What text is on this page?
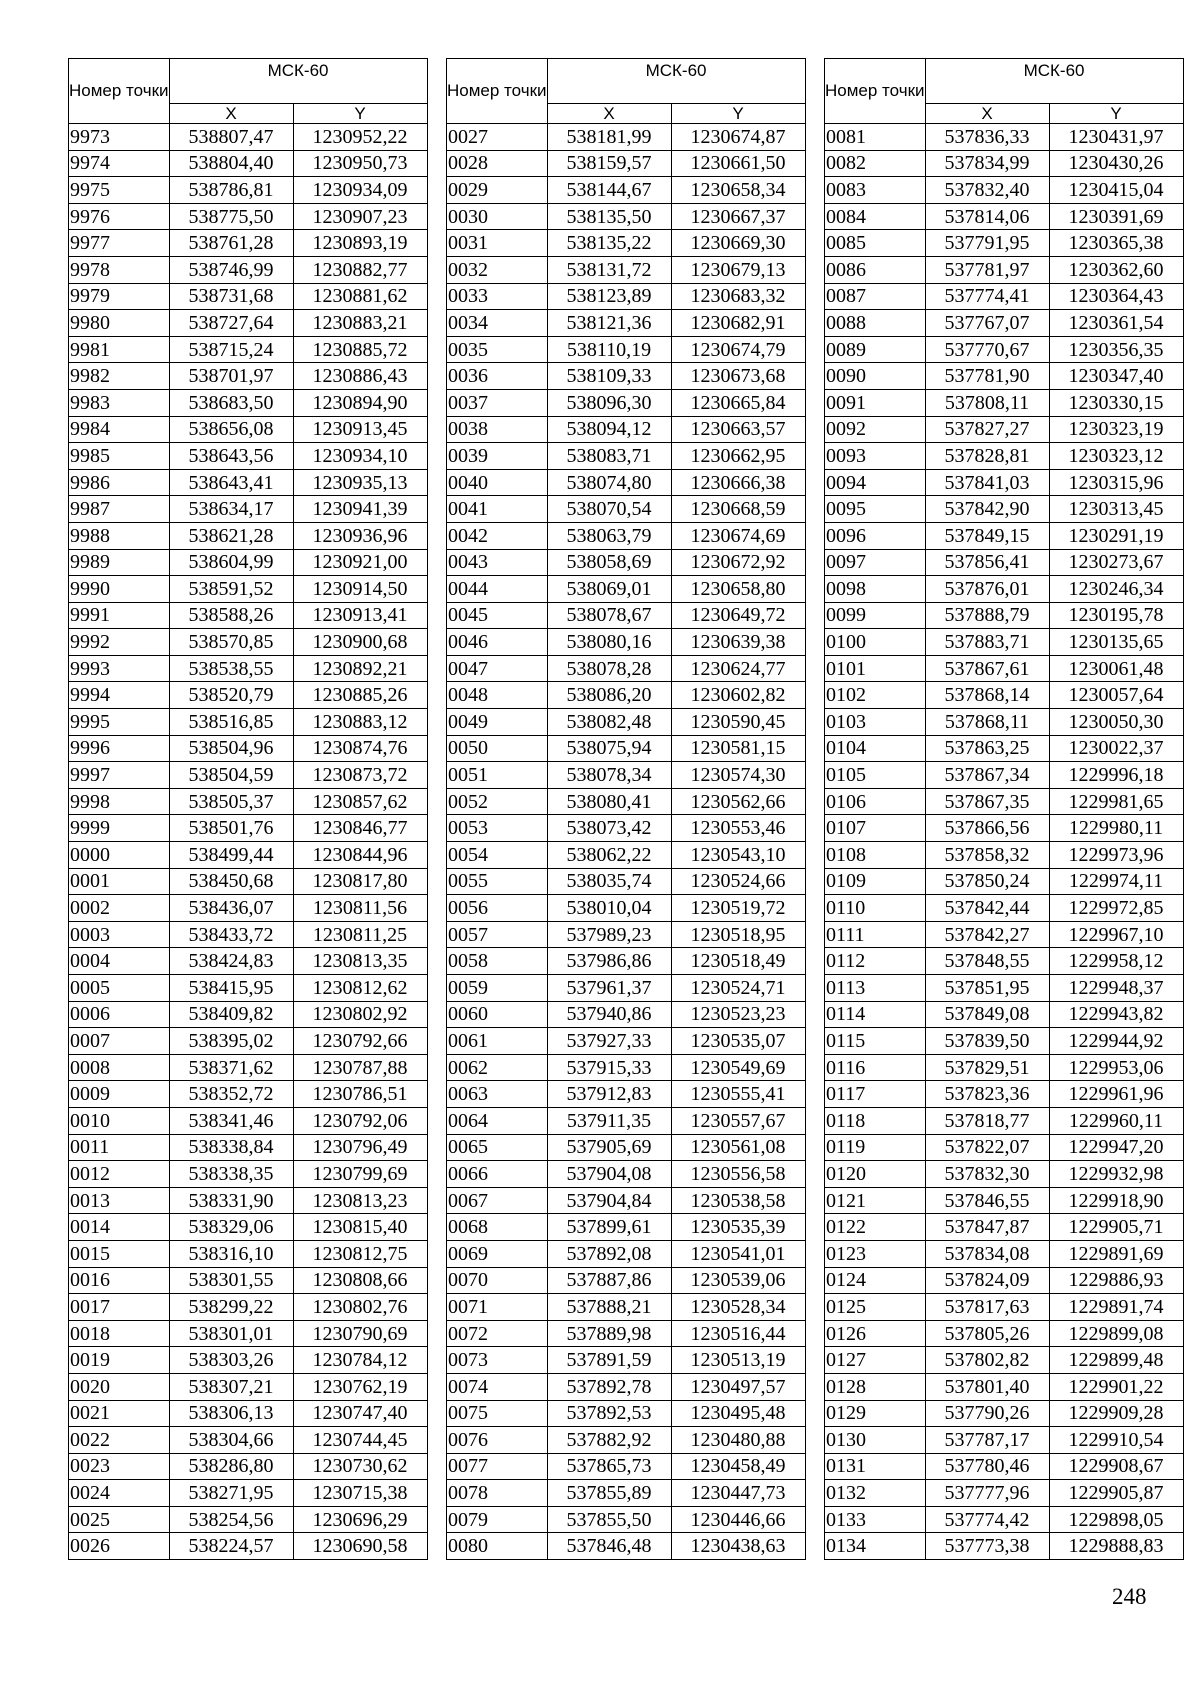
Номер точки	МСК-60	
	X	Y
9973	538807,47	1230952,22
9974	538804,40	1230950,73
9975	538786,81	1230934,09
9976	538775,50	1230907,23
9977	538761,28	1230893,19
9978	538746,99	1230882,77
9979	538731,68	1230881,62
9980	538727,64	1230883,21
9981	538715,24	1230885,72
9982	538701,97	1230886,43
9983	538683,50	1230894,90
9984	538656,08	1230913,45
9985	538643,56	1230934,10
9986	538643,41	1230935,13
9987	538634,17	1230941,39
9988	538621,28	1230936,96
9989	538604,99	1230921,00
9990	538591,52	1230914,50
9991	538588,26	1230913,41
9992	538570,85	1230900,68
9993	538538,55	1230892,21
9994	538520,79	1230885,26
9995	538516,85	1230883,12
9996	538504,96	1230874,76
9997	538504,59	1230873,72
9998	538505,37	1230857,62
9999	538501,76	1230846,77
0000	538499,44	1230844,96
0001	538450,68	1230817,80
0002	538436,07	1230811,56
0003	538433,72	1230811,25
0004	538424,83	1230813,35
0005	538415,95	1230812,62
0006	538409,82	1230802,92
0007	538395,02	1230792,66
0008	538371,62	1230787,88
0009	538352,72	1230786,51
0010	538341,46	1230792,06
0011	538338,84	1230796,49
0012	538338,35	1230799,69
0013	538331,90	1230813,23
0014	538329,06	1230815,40
0015	538316,10	1230812,75
0016	538301,55	1230808,66
0017	538299,22	1230802,76
0018	538301,01	1230790,69
0019	538303,26	1230784,12
0020	538307,21	1230762,19
0021	538306,13	1230747,40
0022	538304,66	1230744,45
0023	538286,80	1230730,62
0024	538271,95	1230715,38
0025	538254,56	1230696,29
0026	538224,57	1230690,58
Номер точки	МСК-60	
	X	Y
0027	538181,99	1230674,87
0028	538159,57	1230661,50
0029	538144,67	1230658,34
0030	538135,50	1230667,37
0031	538135,22	1230669,30
0032	538131,72	1230679,13
0033	538123,89	1230683,32
0034	538121,36	1230682,91
0035	538110,19	1230674,79
0036	538109,33	1230673,68
0037	538096,30	1230665,84
0038	538094,12	1230663,57
0039	538083,71	1230662,95
0040	538074,80	1230666,38
0041	538070,54	1230668,59
0042	538063,79	1230674,69
0043	538058,69	1230672,92
0044	538069,01	1230658,80
0045	538078,67	1230649,72
0046	538080,16	1230639,38
0047	538078,28	1230624,77
0048	538086,20	1230602,82
0049	538082,48	1230590,45
0050	538075,94	1230581,15
0051	538078,34	1230574,30
0052	538080,41	1230562,66
0053	538073,42	1230553,46
0054	538062,22	1230543,10
0055	538035,74	1230524,66
0056	538010,04	1230519,72
0057	537989,23	1230518,95
0058	537986,86	1230518,49
0059	537961,37	1230524,71
0060	537940,86	1230523,23
0061	537927,33	1230535,07
0062	537915,33	1230549,69
0063	537912,83	1230555,41
0064	537911,35	1230557,67
0065	537905,69	1230561,08
0066	537904,08	1230556,58
0067	537904,84	1230538,58
0068	537899,61	1230535,39
0069	537892,08	1230541,01
0070	537887,86	1230539,06
0071	537888,21	1230528,34
0072	537889,98	1230516,44
0073	537891,59	1230513,19
0074	537892,78	1230497,57
0075	537892,53	1230495,48
0076	537882,92	1230480,88
0077	537865,73	1230458,49
0078	537855,89	1230447,73
0079	537855,50	1230446,66
0080	537846,48	1230438,63
Номер точки	МСК-60	
	X	Y
0081	537836,33	1230431,97
0082	537834,99	1230430,26
0083	537832,40	1230415,04
0084	537814,06	1230391,69
0085	537791,95	1230365,38
0086	537781,97	1230362,60
0087	537774,41	1230364,43
0088	537767,07	1230361,54
0089	537770,67	1230356,35
0090	537781,90	1230347,40
0091	537808,11	1230330,15
0092	537827,27	1230323,19
0093	537828,81	1230323,12
0094	537841,03	1230315,96
0095	537842,90	1230313,45
0096	537849,15	1230291,19
0097	537856,41	1230273,67
0098	537876,01	1230246,34
0099	537888,79	1230195,78
0100	537883,71	1230135,65
0101	537867,61	1230061,48
0102	537868,14	1230057,64
0103	537868,11	1230050,30
0104	537863,25	1230022,37
0105	537867,34	1229996,18
0106	537867,35	1229981,65
0107	537866,56	1229980,11
0108	537858,32	1229973,96
0109	537850,24	1229974,11
0110	537842,44	1229972,85
0111	537842,27	1229967,10
0112	537848,55	1229958,12
0113	537851,95	1229948,37
0114	537849,08	1229943,82
0115	537839,50	1229944,92
0116	537829,51	1229953,06
0117	537823,36	1229961,96
0118	537818,77	1229960,11
0119	537822,07	1229947,20
0120	537832,30	1229932,98
0121	537846,55	1229918,90
0122	537847,87	1229905,71
0123	537834,08	1229891,69
0124	537824,09	1229886,93
0125	537817,63	1229891,74
0126	537805,26	1229899,08
0127	537802,82	1229899,48
0128	537801,40	1229901,22
0129	537790,26	1229909,28
0130	537787,17	1229910,54
0131	537780,46	1229908,67
0132	537777,96	1229905,87
0133	537774,42	1229898,05
0134	537773,38	1229888,83
248
